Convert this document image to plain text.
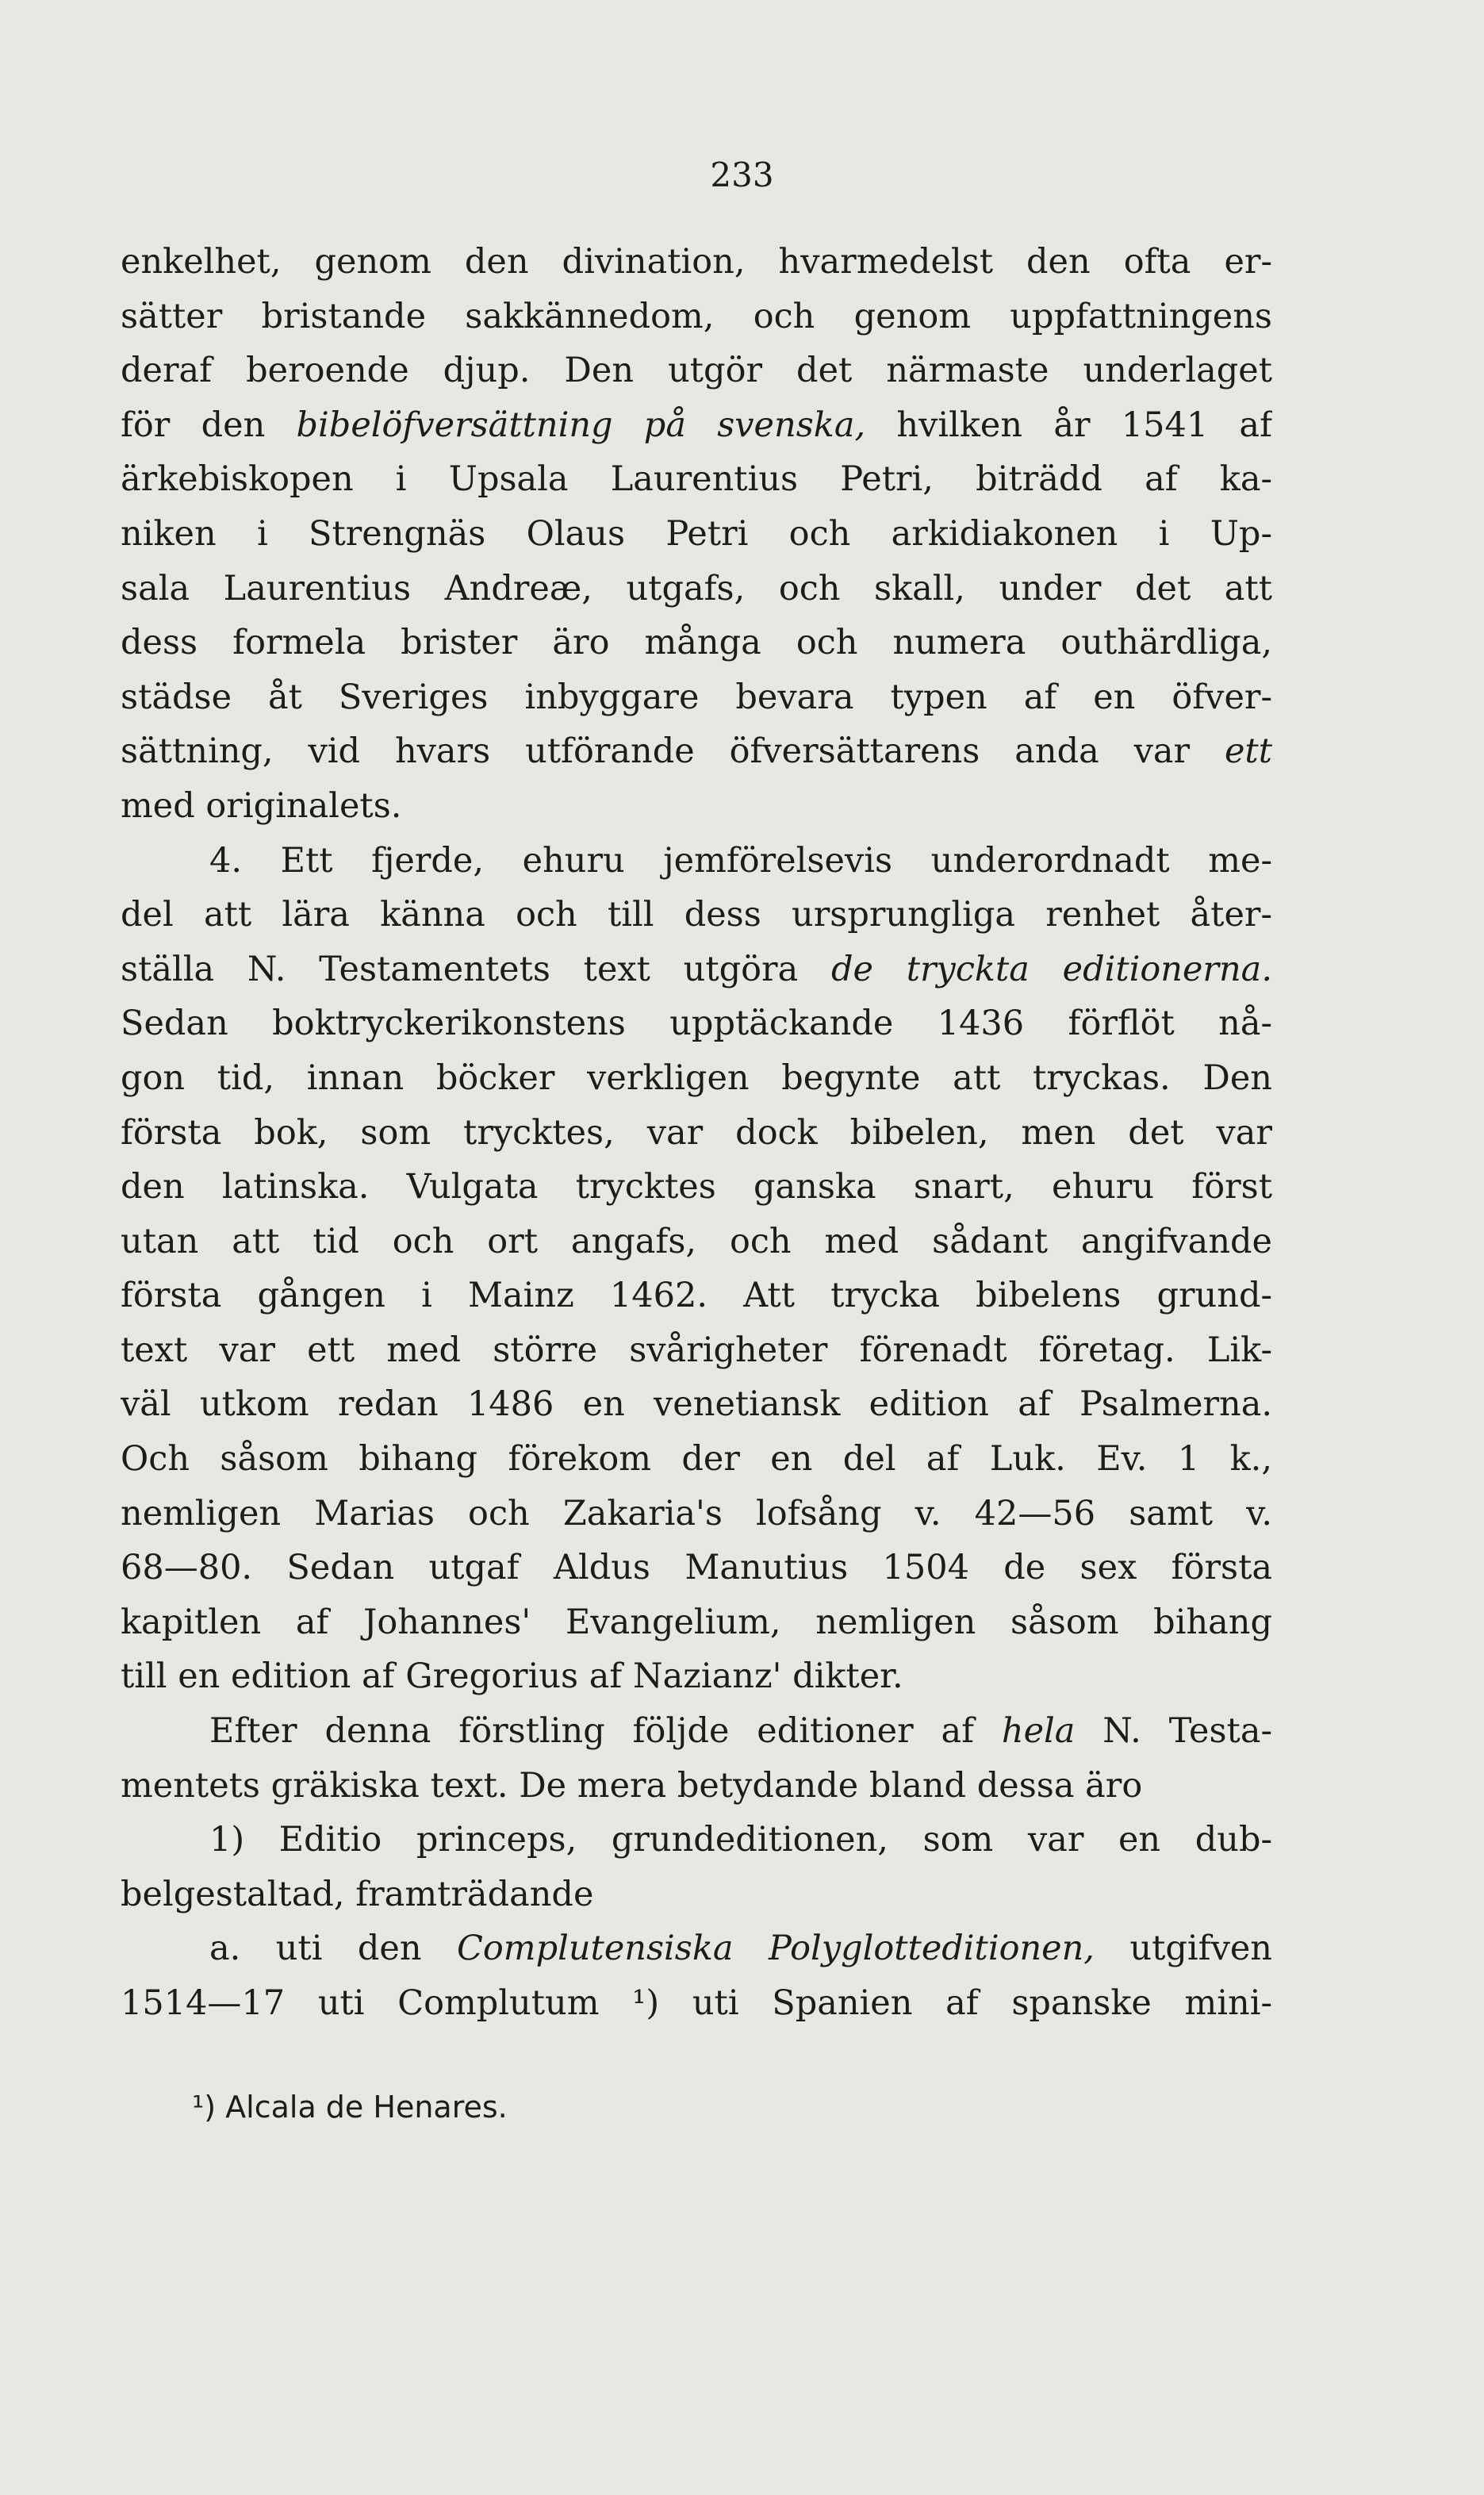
233
enkelhet, genom den divination, hvarmedelst den ofta er-
sätter bristande sakkännedom, och genom uppfattningens
deraf beroende djup. Den utgör det närmaste underlaget
för den bibelöfversättning på svenska, hvilken år 1541 af
ärkebiskopen i Upsala Laurentius Petri, biträdd af ka-
niken i Strengnäs Olaus Petri och arkidiakonen i Up-
sala Laurentius Andreæ, utgafs, och skall, under det att
dess formela brister äro många och numera outhärdliga,
städse åt Sveriges inbyggare bevara typen af en öfver-
sättning, vid hvars utförande öfversättarens anda var ett
med originalets.
4. Ett fjerde, ehuru jemförelsevis underordnadt me-
del att lära känna och till dess ursprungliga renhet åter-
ställa N. Testamentets text utgöra de tryckta editionerna.
Sedan boktryckerikonstens upptäckande 1436 förflöt nå-
gon tid, innan böcker verkligen begynte att tryckas. Den
första bok, som trycktes, var dock bibelen, men det var
den latinska. Vulgata trycktes ganska snart, ehuru först
utan att tid och ort angafs, och med sådant angifvande
första gången i Mainz 1462. Att trycka bibelens grund-
text var ett med större svårigheter förenadt företag. Lik-
väl utkom redan 1486 en venetiansk edition af Psalmerna.
Och såsom bihang förekom der en del af Luk. Ev. 1 k.,
nemligen Marias och Zakaria's lofsång v. 42—56 samt v.
68—80. Sedan utgaf Aldus Manutius 1504 de sex första
kapitlen af Johannes' Evangelium, nemligen såsom bihang
till en edition af Gregorius af Nazianz' dikter.
Efter denna förstling följde editioner af hela N. Testa-
mentets gräkiska text. De mera betydande bland dessa äro
1) Editio princeps, grundeditionen, som var en dub-
belgestaltad, framträdande
a. uti den Complutensiska Polyglotteditionen, utgifven
1514—17 uti Complutum ¹) uti Spanien af spanske mini-
¹) Alcala de Henares.
